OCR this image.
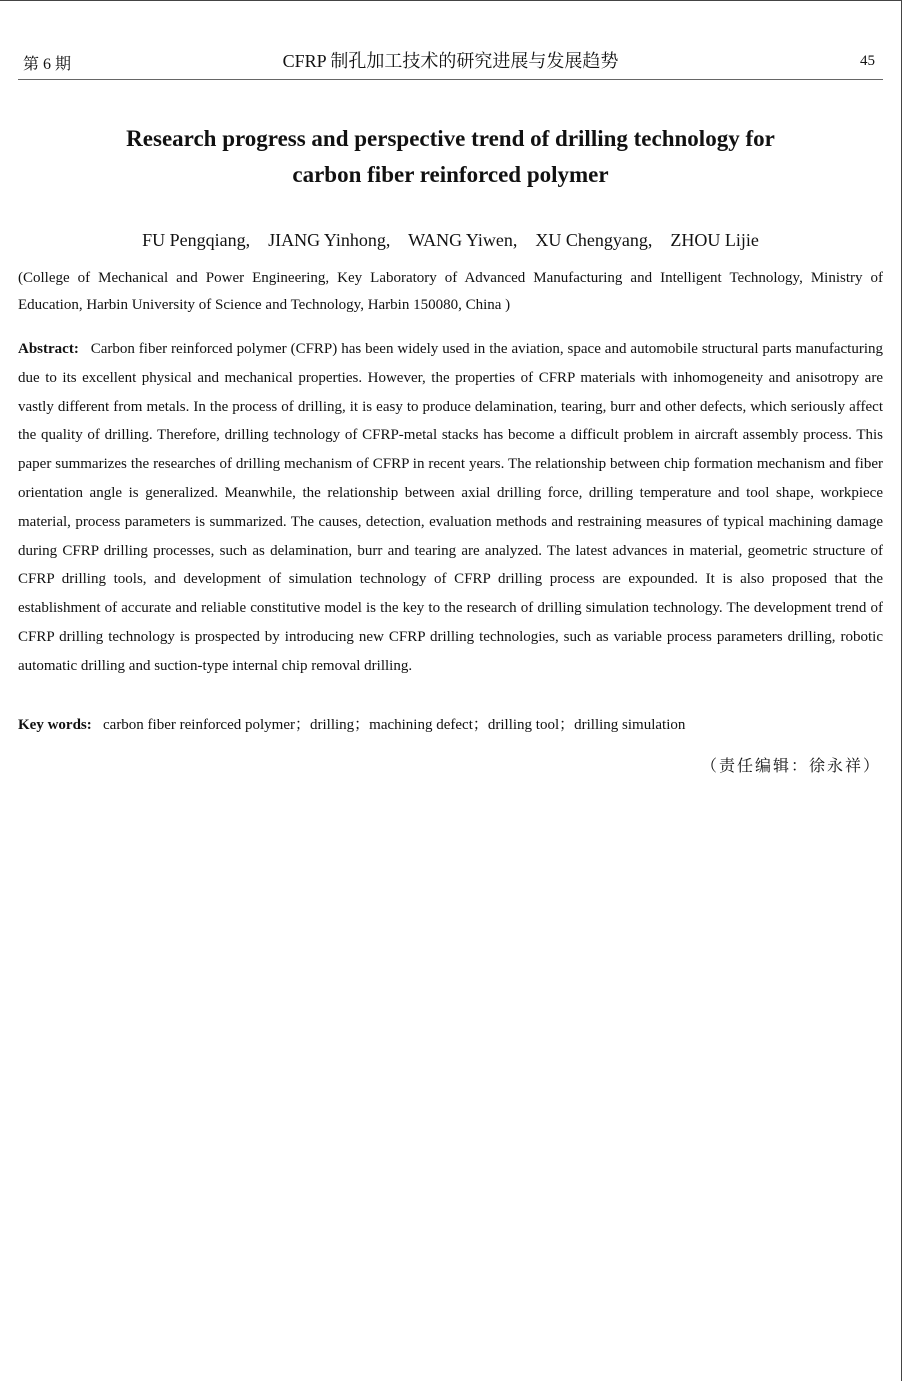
第 6 期	CFRP 制孔加工技术的研究进展与发展趋势	45
Research progress and perspective trend of drilling technology for
carbon fiber reinforced polymer
FU Pengqiang,    JIANG Yinhong,    WANG Yiwen,    XU Chengyang,    ZHOU Lijie
(College of Mechanical and Power Engineering, Key Laboratory of Advanced Manufacturing and Intelligent Technology, Ministry of Education, Harbin University of Science and Technology, Harbin 150080, China )
Abstract: Carbon fiber reinforced polymer (CFRP) has been widely used in the aviation, space and automobile structural parts manufacturing due to its excellent physical and mechanical properties. However, the properties of CFRP materials with inhomogeneity and anisotropy are vastly different from metals. In the process of drilling, it is easy to produce delamination, tearing, burr and other defects, which seriously affect the quality of drilling. Therefore, drilling technology of CFRP-metal stacks has become a difficult problem in aircraft assembly process. This paper summarizes the researches of drilling mechanism of CFRP in recent years. The relationship between chip formation mechanism and fiber orientation angle is generalized. Meanwhile, the relationship between axial drilling force, drilling temperature and tool shape, workpiece material, process parameters is summarized. The causes, detection, evaluation methods and restraining measures of typical machining damage during CFRP drilling processes, such as delamination, burr and tearing are analyzed. The latest advances in material, geometric structure of CFRP drilling tools, and development of simulation technology of CFRP drilling process are expounded. It is also proposed that the establishment of accurate and reliable constitutive model is the key to the research of drilling simulation technology. The development trend of CFRP drilling technology is prospected by introducing new CFRP drilling technologies, such as variable process parameters drilling, robotic automatic drilling and suction-type internal chip removal drilling.
Key words: carbon fiber reinforced polymer；drilling；machining defect；drilling tool；drilling simulation
（责任编辑：徐永祥）
